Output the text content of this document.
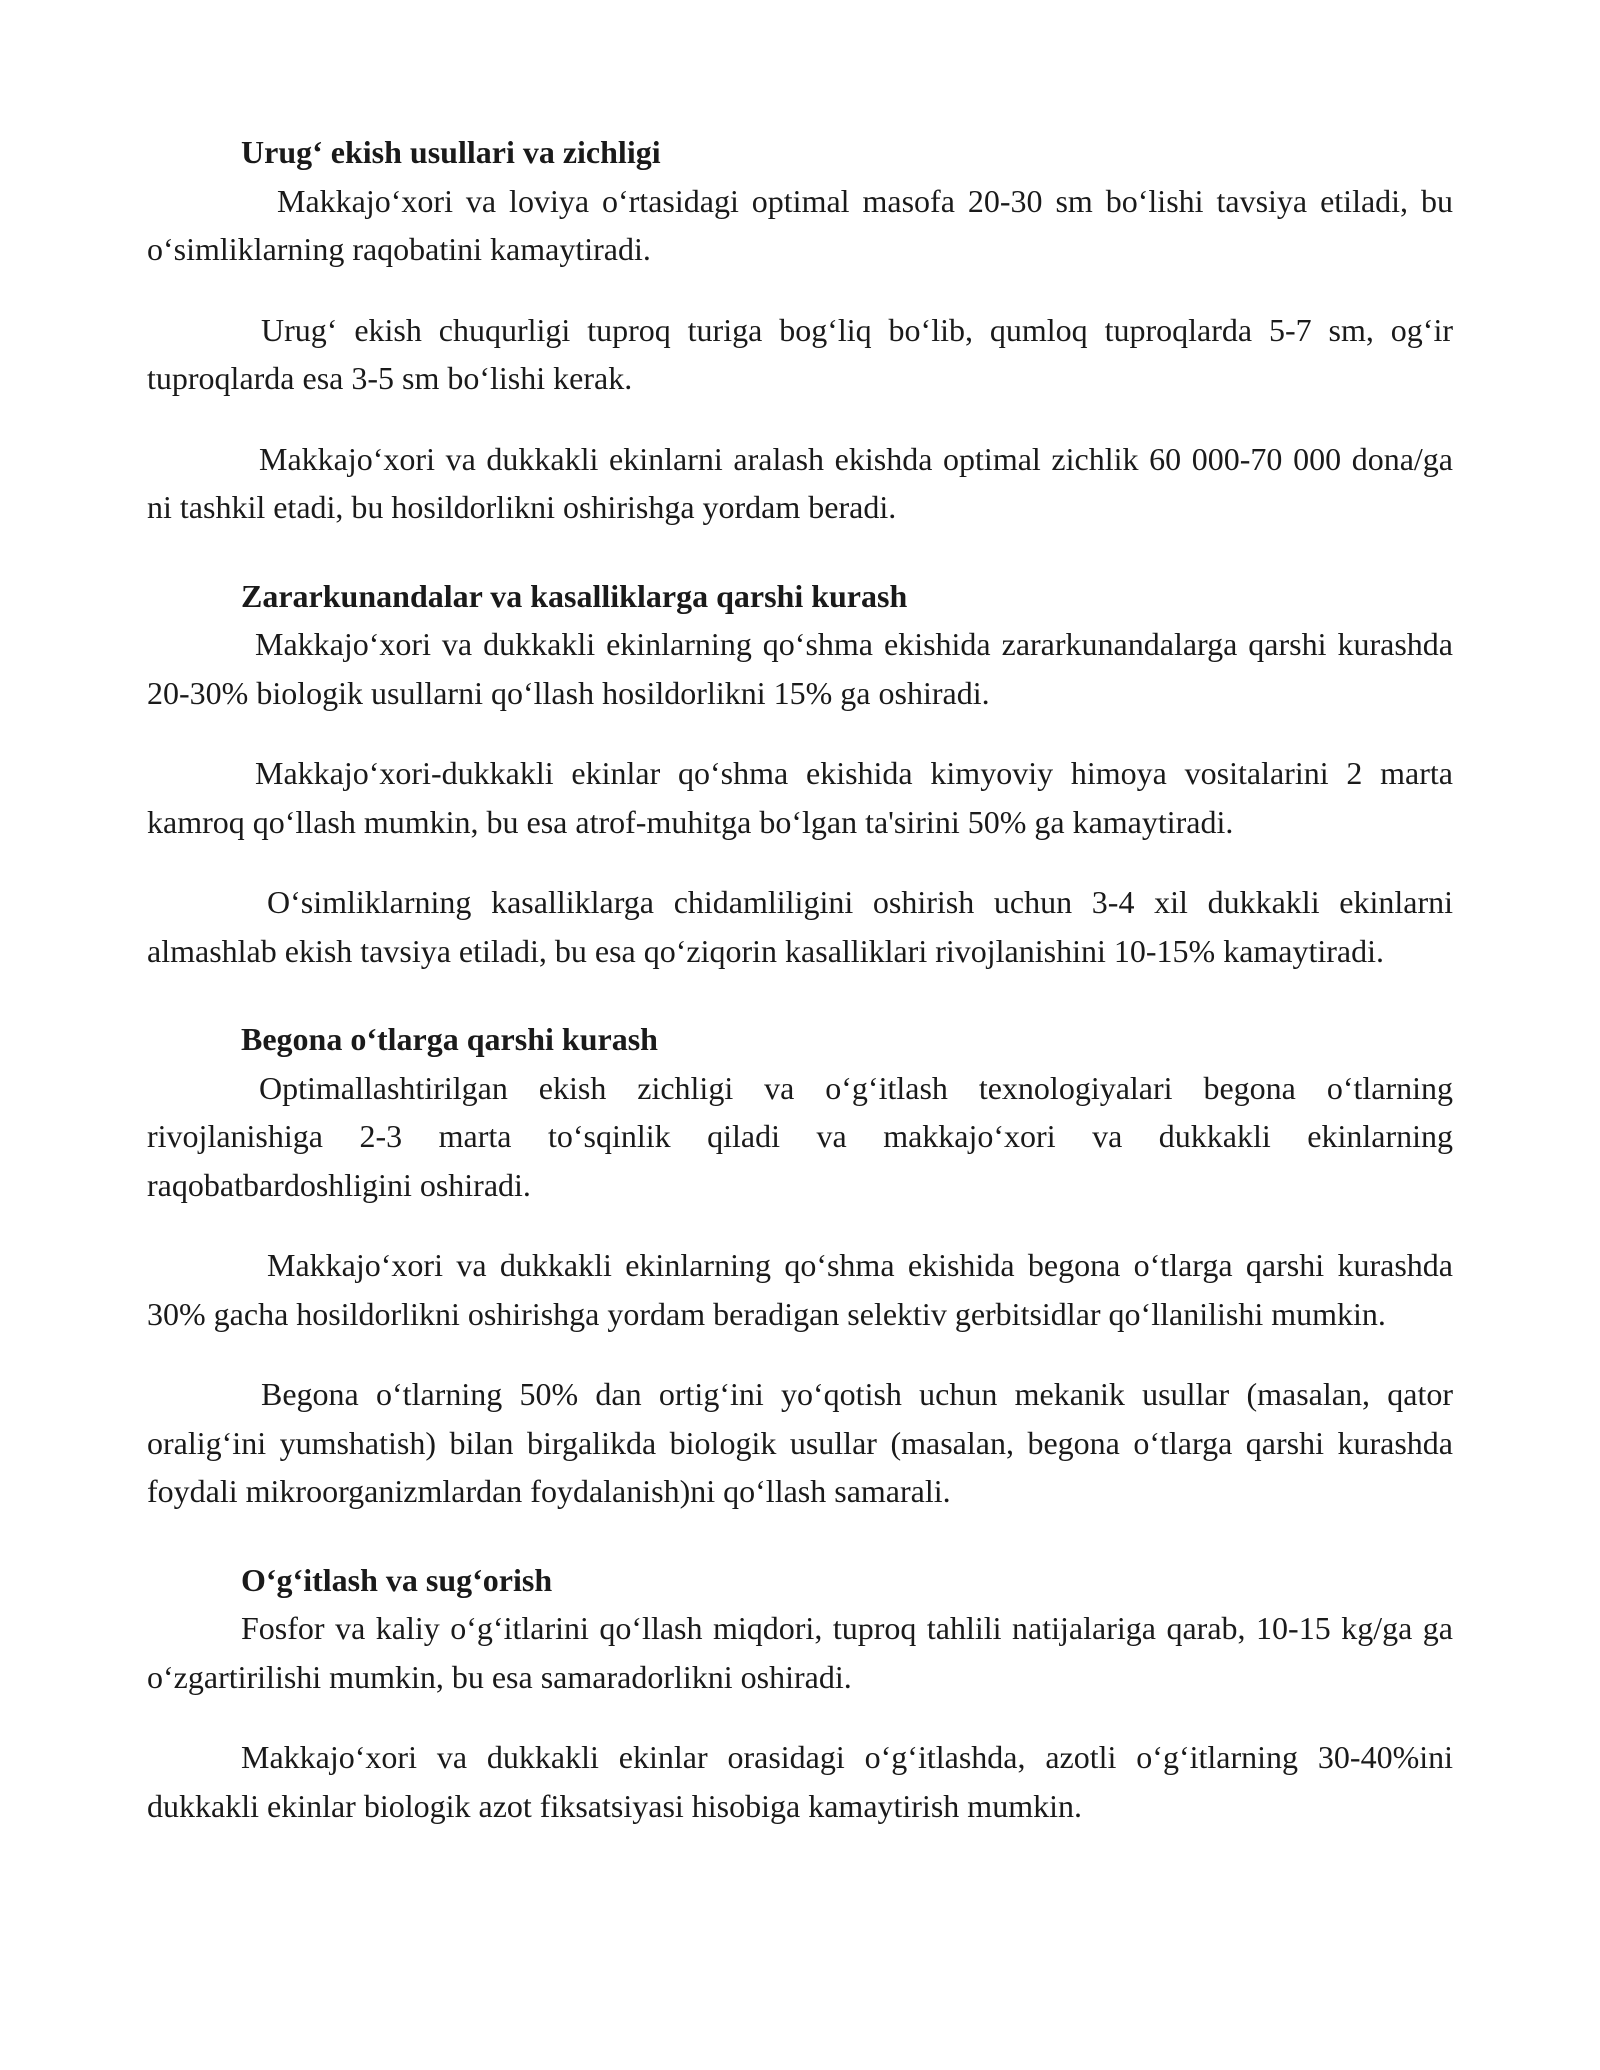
Urugʻ ekish usullari va zichligi

Makkajoʻxori va loviya oʻrtasidagi optimal masofa 20-30 sm boʻlishi tavsiya etiladi, bu oʻsimliklarning raqobatini kamaytiradi.

Urugʻ ekish chuqurligi tuproq turiga bogʻliq boʻlib, qumloq tuproqlarda 5-7 sm, ogʻir tuproqlarda esa 3-5 sm boʻlishi kerak.

Makkajoʻxori va dukkakli ekinlarni aralash ekishda optimal zichlik 60 000-70 000 dona/ga ni tashkil etadi, bu hosildorlikni oshirishga yordam beradi.

Zararkunandalar va kasalliklarga qarshi kurash

Makkajoʻxori va dukkakli ekinlarning qoʻshma ekishida zararkunandalarga qarshi kurashda 20-30% biologik usullarni qoʻllash hosildorlikni 15% ga oshiradi.

Makkajoʻxori-dukkakli ekinlar qoʻshma ekishida kimyoviy himoya vositalarini 2 marta kamroq qoʻllash mumkin, bu esa atrof-muhitga boʻlgan ta'sirini 50% ga kamaytiradi.

Oʻsimliklarning kasalliklarga chidamliligini oshirish uchun 3-4 xil dukkakli ekinlarni almashlab ekish tavsiya etiladi, bu esa qoʻziqorin kasalliklari rivojlanishini 10-15% kamaytiradi.

Begona oʻtlarga qarshi kurash

Optimallashtirilgan ekish zichligi va oʻgʻitlash texnologiyalari begona oʻtlarning rivojlanishiga 2-3 marta toʻsqinlik qiladi va makkajoʻxori va dukkakli ekinlarning raqobatbardoshligini oshiradi.

Makkajoʻxori va dukkakli ekinlarning qoʻshma ekishida begona oʻtlarga qarshi kurashda 30% gacha hosildorlikni oshirishga yordam beradigan selektiv gerbitsidlar qoʻllanilishi mumkin.

Begona oʻtlarning 50% dan ortigʻini yoʻqotish uchun mekanik usullar (masalan, qator oraligʻini yumshatish) bilan birgalikda biologik usullar (masalan, begona oʻtlarga qarshi kurashda foydali mikroorganizmlardan foydalanish)ni qoʻllash samarali.

Oʻgʻitlash va sugʻorish

Fosfor va kaliy oʻgʻitlarini qoʻllash miqdori, tuproq tahlili natijalariga qarab, 10-15 kg/ga ga oʻzgartirilishi mumkin, bu esa samaradorlikni oshiradi.

Makkajoʻxori va dukkakli ekinlar orasidagi oʻgʻitlashda, azotli oʻgʻitlarning 30-40%ini dukkakli ekinlar biologik azot fiksatsiyasi hisobiga kamaytirish mumkin.
